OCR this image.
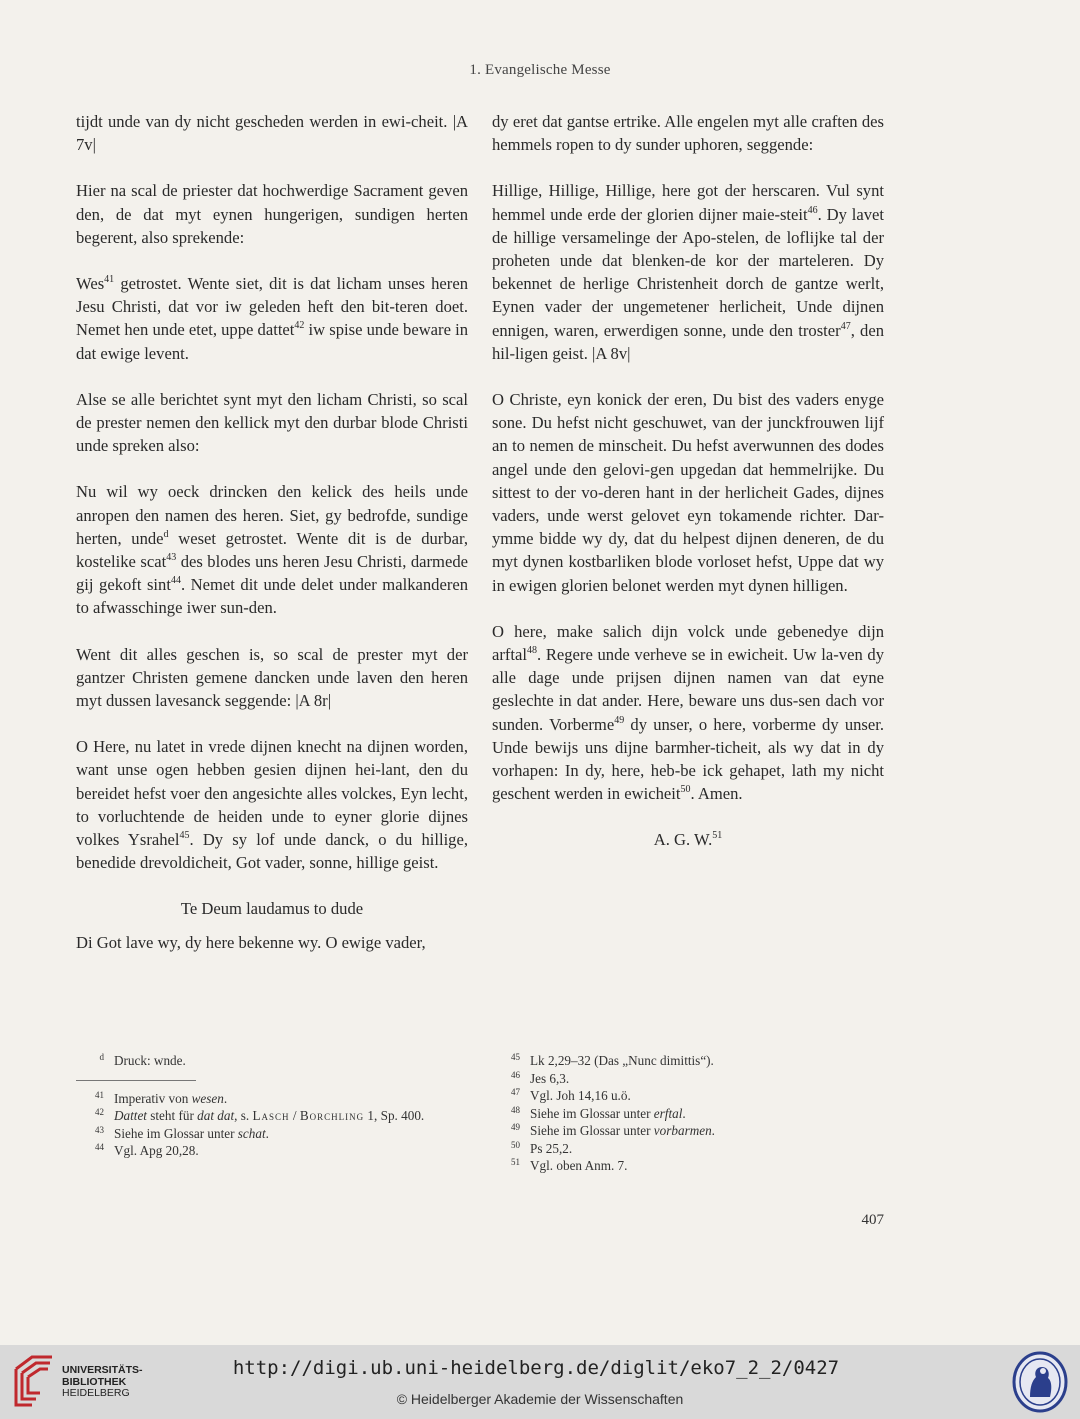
1. Evangelische Messe

tijdt unde van dy nicht gescheden werden in ewi-cheit. |A 7v|

Hier na scal de priester dat hochwerdige Sacrament geven den, de dat myt eynen hungerigen, sundigen herten begerent, also sprekende:

Wes$^{41}$ getrostet. Wente siet, dit is dat licham unses heren Jesu Christi, dat vor iw geleden heft den bit-teren doet. Nemet hen unde etet, uppe dattet$^{42}$ iw spise unde beware in dat ewige levent.

Alse se alle berichtet synt myt den licham Christi, so scal de prester nemen den kellick myt den durbar blode Christi unde spreken also:

Nu wil wy oeck drincken den kelick des heils unde anropen den namen des heren. Siet, gy bedrofde, sundige herten, unde$^d$ weset getrostet. Wente dit is de durbar, kostelike scat$^{43}$ des blodes uns heren Jesu Christi, darmede gij gekoft sint$^{44}$. Nemet dit unde delet under malkanderen to afwasschinge iwer sun-den.

Went dit alles geschen is, so scal de prester myt der gantzer Christen gemene dancken unde laven den heren myt dussen lavesanck seggende: |A 8r|

O Here, nu latet in vrede dijnen knecht na dijnen worden, want unse ogen hebben gesien dijnen hei-lant, den du bereidet hefst voer den angesichte alles volckes, Eyn lecht, to vorluchtende de heiden unde to eyner glorie dijnes volkes Ysrahel$^{45}$. Dy sy lof unde danck, o du hillige, benedide drevoldicheit, Got vader, sonne, hillige geist.

Te Deum laudamus to dude

Di Got lave wy, dy here bekenne wy. O ewige vader,

dy eret dat gantse ertrike. Alle engelen myt alle craften des hemmels ropen to dy sunder uphoren, seggende:

Hillige, Hillige, Hillige, here got der herscaren. Vul synt hemmel unde erde der glorien dijner maie-steit$^{46}$. Dy lavet de hillige versamelinge der Apo-stelen, de loflijke tal der proheten unde dat blenken-de kor der marteleren. Dy bekennet de herlige Christenheit dorch de gantze werlt, Eynen vader der ungemetener herlicheit, Unde dijnen ennigen, waren, erwerdigen sonne, unde den troster$^{47}$, den hil-ligen geist. |A 8v|

O Christe, eyn konick der eren, Du bist des vaders enyge sone. Du hefst nicht geschuwet, van der junckfrouwen lijf an to nemen de minscheit. Du hefst averwunnen des dodes angel unde den gelovi-gen upgedan dat hemmelrijke. Du sittest to der vo-deren hant in der herlicheit Gades, dijnes vaders, unde werst gelovet eyn tokamende richter. Dar-ymme bidde wy dy, dat du helpest dijnen deneren, de du myt dynen kostbarliken blode vorloset hefst, Uppe dat wy in ewigen glorien belonet werden myt dynen hilligen.

O here, make salich dijn volck unde gebenedye dijn arftal$^{48}$. Regere unde verheve se in ewicheit. Uw la-ven dy alle dage unde prijsen dijnen namen van dat eyne geslechte in dat ander. Here, beware uns dus-sen dach vor sunden. Vorberme$^{49}$ dy unser, o here, vorberme dy unser. Unde bewijs uns dijne barmher-ticheit, als wy dat in dy vorhapen: In dy, here, heb-be ick gehapet, lath my nicht geschent werden in ewicheit$^{50}$. Amen.

A. G. W.$^{51}$

$^d$ Druck: wnde.
$^{41}$ Imperativ von wesen.
$^{42}$ Dattet steht für dat dat, s. Lasch / Borchling 1, Sp. 400.
$^{43}$ Siehe im Glossar unter schat.
$^{44}$ Vgl. Apg 20,28.
$^{45}$ Lk 2,29–32 (Das „Nunc dimittis“).
$^{46}$ Jes 6,3.
$^{47}$ Vgl. Joh 14,16 u.ö.
$^{48}$ Siehe im Glossar unter erftal.
$^{49}$ Siehe im Glossar unter vorbarmen.
$^{50}$ Ps 25,2.
$^{51}$ Vgl. oben Anm. 7.
407
UNIVERSITÄTS-
BIBLIOTHEK
HEIDELBERG
http://digi.ub.uni-heidelberg.de/diglit/eko7_2_2/0427
© Heidelberger Akademie der Wissenschaften
